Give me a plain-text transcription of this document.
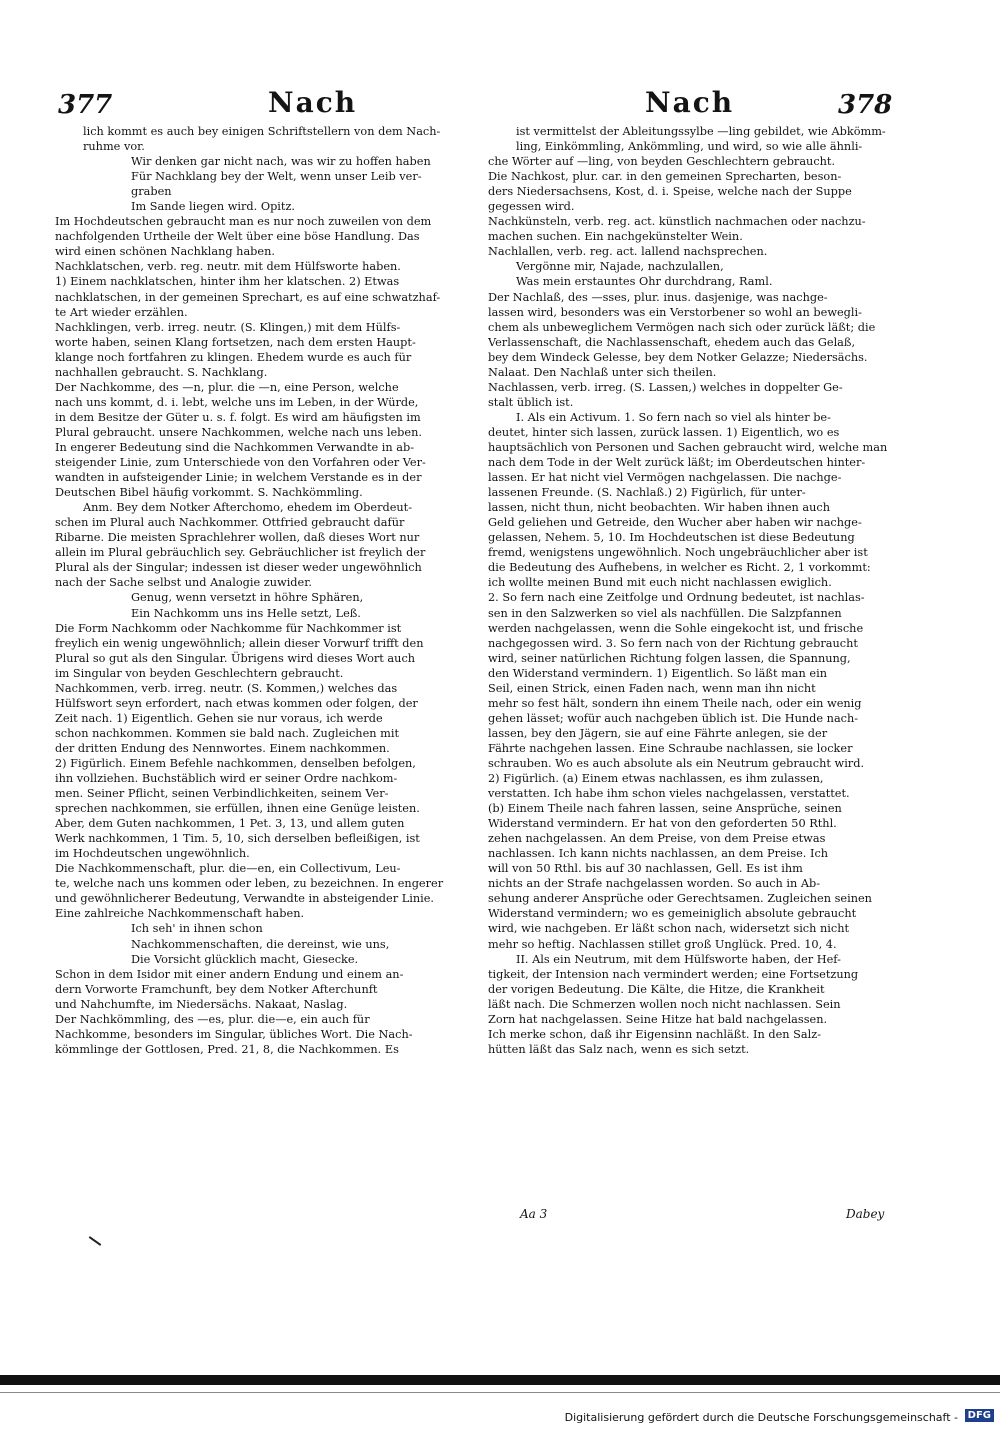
377	Nach	Nach	378
lich kommt es auch bey einigen Schriftstellern von dem Nach-
ruhme vor.
Wir denken gar nicht nach, was wir zu hoffen haben
Für Nachklang bey der Welt, wenn unser Leib ver-
graben
Im Sande liegen wird. Opitz.
Im Hochdeutschen gebraucht man es nur noch zuweilen von dem
nachfolgenden Urtheile der Welt über eine böse Handlung. Das
wird einen schönen Nachklang haben.
Nachklatschen, verb. reg. neutr. mit dem Hülfsworte haben.
1) Einem nachklatschen, hinter ihm her klatschen. 2) Etwas
nachklatschen, in der gemeinen Sprechart, es auf eine schwatzhaf-
te Art wieder erzählen.
Nachklingen, verb. irreg. neutr. (S. Klingen,) mit dem Hülfs-
worte haben, seinen Klang fortsetzen, nach dem ersten Haupt-
klange noch fortfahren zu klingen. Ehedem wurde es auch für
nachhallen gebraucht. S. Nachklang.
Der Nachkomme, des —n, plur. die —n, eine Person, welche
nach uns kommt, d. i. lebt, welche uns im Leben, in der Würde,
in dem Besitze der Güter u. s. f. folgt. Es wird am häufigsten im
Plural gebraucht. unsere Nachkommen, welche nach uns leben.
In engerer Bedeutung sind die Nachkommen Verwandte in ab-
steigender Linie, zum Unterschiede von den Vorfahren oder Ver-
wandten in aufsteigender Linie; in welchem Verstande es in der
Deutschen Bibel häufig vorkommt. S. Nachkömmling.
Anm. Bey dem Notker Afterchomo, ehedem im Oberdeut-
schen im Plural auch Nachkommer. Ottfried gebraucht dafür
Ribarne. Die meisten Sprachlehrer wollen, daß dieses Wort nur
allein im Plural gebräuchlich sey. Gebräuchlicher ist freylich der
Plural als der Singular; indessen ist dieser weder ungewöhnlich
nach der Sache selbst und Analogie zuwider.
Genug, wenn versetzt in höhre Sphären,
Ein Nachkomm uns ins Helle setzt, Leß.
Die Form Nachkomm oder Nachkomme für Nachkommer ist
freylich ein wenig ungewöhnlich; allein dieser Vorwurf trifft den
Plural so gut als den Singular. Übrigens wird dieses Wort auch
im Singular von beyden Geschlechtern gebraucht.
Nachkommen, verb. irreg. neutr. (S. Kommen,) welches das
Hülfswort seyn erfordert, nach etwas kommen oder folgen, der
Zeit nach. 1) Eigentlich. Gehen sie nur voraus, ich werde
schon nachkommen. Kommen sie bald nach. Zugleichen mit
der dritten Endung des Nennwortes. Einem nachkommen.
2) Figürlich. Einem Befehle nachkommen, denselben befolgen,
ihn vollziehen. Buchstäblich wird er seiner Ordre nachkom-
men. Seiner Pflicht, seinen Verbindlichkeiten, seinem Ver-
sprechen nachkommen, sie erfüllen, ihnen eine Genüge leisten.
Aber, dem Guten nachkommen, 1 Pet. 3, 13, und allem guten
Werk nachkommen, 1 Tim. 5, 10, sich derselben befleißigen, ist
im Hochdeutschen ungewöhnlich.
Die Nachkommenschaft, plur. die—en, ein Collectivum, Leu-
te, welche nach uns kommen oder leben, zu bezeichnen. In engerer
und gewöhnlicherer Bedeutung, Verwandte in absteigender Linie.
Eine zahlreiche Nachkommenschaft haben.
Ich seh' in ihnen schon
Nachkommenschaften, die dereinst, wie uns,
Die Vorsicht glücklich macht, Giesecke.
Schon in dem Isidor mit einer andern Endung und einem an-
dern Vorworte Framchunft, bey dem Notker Afterchunft
und Nahchumfte, im Niedersächs. Nakaat, Naslag.
Der Nachkömmling, des —es, plur. die—e, ein auch für
Nachkomme, besonders im Singular, übliches Wort. Die Nach-
kömmlinge der Gottlosen, Pred. 21, 8, die Nachkommen. Es
ist vermittelst der Ableitungssylbe —ling gebildet, wie Abkömm-
ling, Einkömmling, Ankömmling, und wird, so wie alle ähnli-
che Wörter auf —ling, von beyden Geschlechtern gebraucht.
Die Nachkost, plur. car. in den gemeinen Sprecharten, beson-
ders Niedersachsens, Kost, d. i. Speise, welche nach der Suppe
gegessen wird.
Nachkünsteln, verb. reg. act. künstlich nachmachen oder nachzu-
machen suchen. Ein nachgekünstelter Wein.
Nachlallen, verb. reg. act. lallend nachsprechen.
Vergönne mir, Najade, nachzulallen,
Was mein erstauntes Ohr durchdrang, Raml.
Der Nachlaß, des —sses, plur. inus. dasjenige, was nachge-
lassen wird, besonders was ein Verstorbener so wohl an bewegli-
chem als unbeweglichem Vermögen nach sich oder zurück läßt; die
Verlassenschaft, die Nachlassenschaft, ehedem auch das Gelaß,
bey dem Windeck Gelesse, bey dem Notker Gelazze; Niedersächs.
Nalaat. Den Nachlaß unter sich theilen.
Nachlassen, verb. irreg. (S. Lassen,) welches in doppelter Ge-
stalt üblich ist.
I. Als ein Activum. 1. So fern nach so viel als hinter be-
deutet, hinter sich lassen, zurück lassen. 1) Eigentlich, wo es
hauptsächlich von Personen und Sachen gebraucht wird, welche man
nach dem Tode in der Welt zurück läßt; im Oberdeutschen hinter-
lassen. Er hat nicht viel Vermögen nachgelassen. Die nachge-
lassenen Freunde. (S. Nachlaß.) 2) Figürlich, für unter-
lassen, nicht thun, nicht beobachten. Wir haben ihnen auch
Geld geliehen und Getreide, den Wucher aber haben wir nachge-
gelassen, Nehem. 5, 10. Im Hochdeutschen ist diese Bedeutung
fremd, wenigstens ungewöhnlich. Noch ungebräuchlicher aber ist
die Bedeutung des Aufhebens, in welcher es Richt. 2, 1 vorkommt:
ich wollte meinen Bund mit euch nicht nachlassen ewiglich.
2. So fern nach eine Zeitfolge und Ordnung bedeutet, ist nachlas-
sen in den Salzwerken so viel als nachfüllen. Die Salzpfannen
werden nachgelassen, wenn die Sohle eingekocht ist, und frische
nachgegossen wird. 3. So fern nach von der Richtung gebraucht
wird, seiner natürlichen Richtung folgen lassen, die Spannung,
den Widerstand vermindern. 1) Eigentlich. So läßt man ein
Seil, einen Strick, einen Faden nach, wenn man ihn nicht
mehr so fest hält, sondern ihn einem Theile nach, oder ein wenig
gehen lässet; wofür auch nachgeben üblich ist. Die Hunde nach-
lassen, bey den Jägern, sie auf eine Fährte anlegen, sie der
Fährte nachgehen lassen. Eine Schraube nachlassen, sie locker
schrauben. Wo es auch absolute als ein Neutrum gebraucht wird.
2) Figürlich. (a) Einem etwas nachlassen, es ihm zulassen,
verstatten. Ich habe ihm schon vieles nachgelassen, verstattet.
(b) Einem Theile nach fahren lassen, seine Ansprüche, seinen
Widerstand vermindern. Er hat von den geforderten 50 Rthl.
zehen nachgelassen. An dem Preise, von dem Preise etwas
nachlassen. Ich kann nichts nachlassen, an dem Preise. Ich
will von 50 Rthl. bis auf 30 nachlassen, Gell. Es ist ihm
nichts an der Strafe nachgelassen worden. So auch in Ab-
sehung anderer Ansprüche oder Gerechtsamen. Zugleichen seinen
Widerstand vermindern; wo es gemeiniglich absolute gebraucht
wird, wie nachgeben. Er läßt schon nach, widersetzt sich nicht
mehr so heftig. Nachlassen stillet groß Unglück. Pred. 10, 4.
II. Als ein Neutrum, mit dem Hülfsworte haben, der Hef-
tigkeit, der Intension nach vermindert werden; eine Fortsetzung
der vorigen Bedeutung. Die Kälte, die Hitze, die Krankheit
läßt nach. Die Schmerzen wollen noch nicht nachlassen. Sein
Zorn hat nachgelassen. Seine Hitze hat bald nachgelassen.
Ich merke schon, daß ihr Eigensinn nachläßt. In den Salz-
hütten läßt das Salz nach, wenn es sich setzt.
Aa 3	Dabey
Digitalisierung gefördert durch die Deutsche Forschungsgemeinschaft - DFG
